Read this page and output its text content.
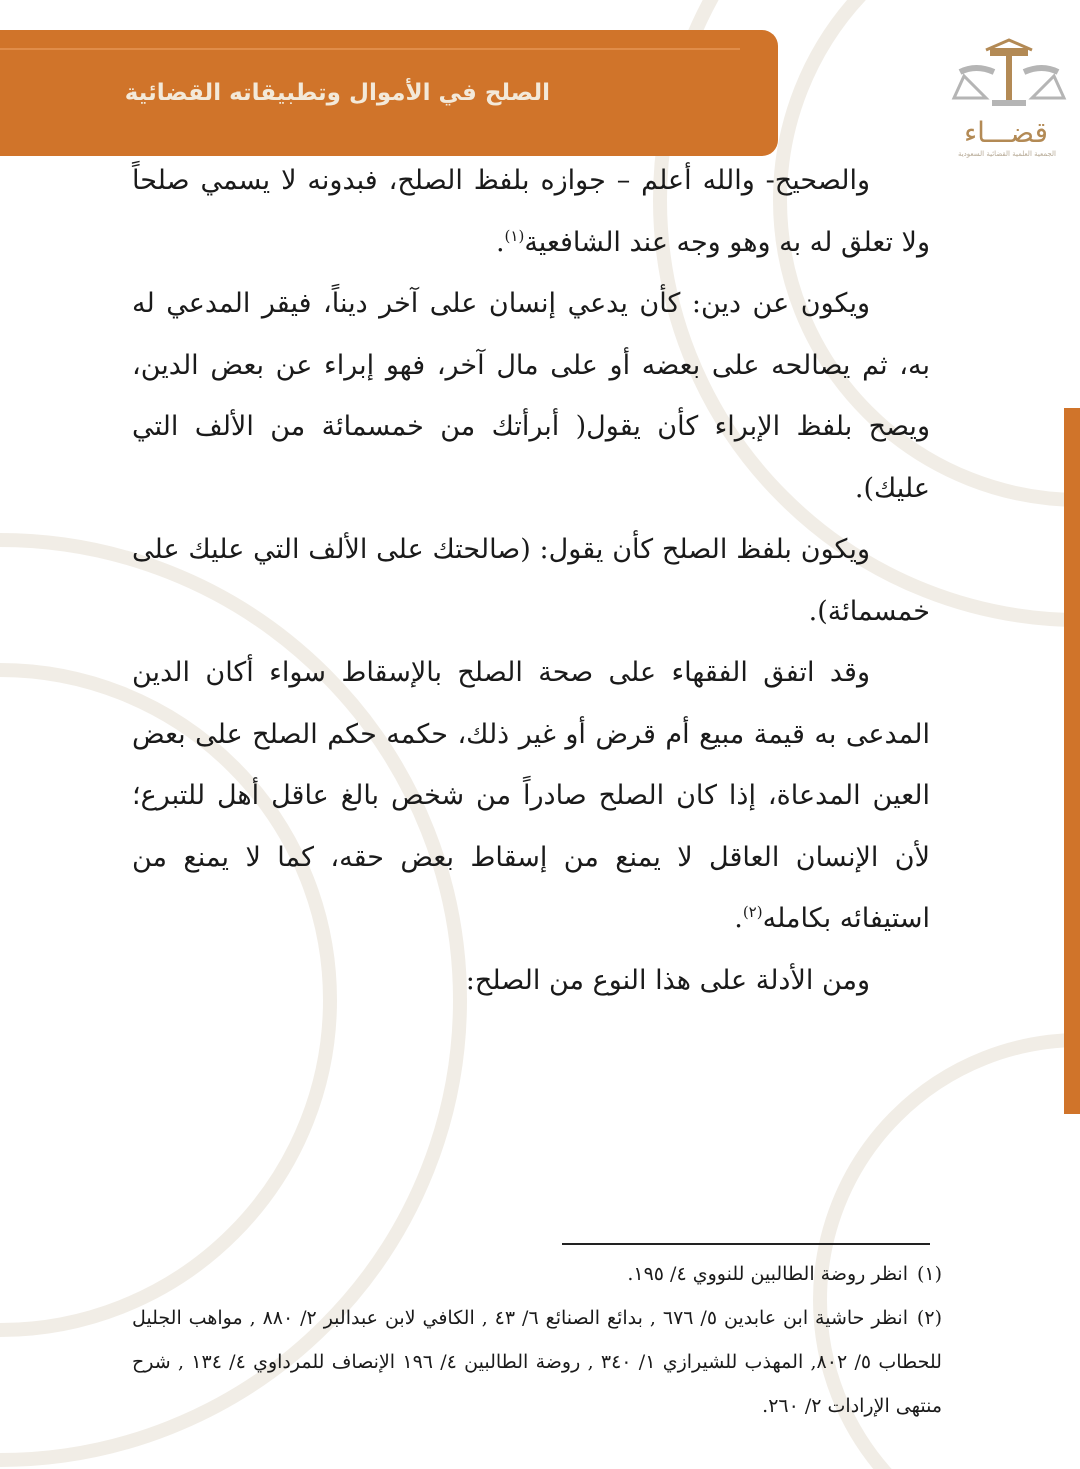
الصلح في الأموال وتطبيقاته القضائية
قضـــاء
الجمعية العلمية القضائية السعودية

والصحيح- والله أعلم – جوازه بلفظ الصلح، فبدونه لا يسمي صلحاً ولا تعلق له به وهو وجه عند الشافعية$^{(١)}$.

ويكون عن دين: كأن يدعي إنسان على آخر ديناً، فيقر المدعي له به، ثم يصالحه على بعضه أو على مال آخر، فهو إبراء عن بعض الدين، ويصح بلفظ الإبراء كأن يقول( أبرأتك من خمسمائة من الألف التي عليك).

ويكون بلفظ الصلح كأن يقول: (صالحتك على الألف التي عليك على خمسمائة).

وقد اتفق الفقهاء على صحة الصلح بالإسقاط سواء أكان الدين المدعى به قيمة مبيع أم قرض أو غير ذلك، حكمه حكم الصلح على بعض العين المدعاة، إذا كان الصلح صادراً من شخص بالغ عاقل أهل للتبرع؛ لأن الإنسان العاقل لا يمنع من إسقاط بعض حقه، كما لا يمنع من استيفائه بكامله$^{(٢)}$.

ومن الأدلة على هذا النوع من الصلح:

(١)انظر روضة الطالبين للنووي ٤/ ١٩٥.

(٢)انظر حاشية ابن عابدين ٥/ ٦٧٦ , بدائع الصنائع ٦/ ٤٣ , الكافي لابن عبدالبر ٢/ ٨٨٠ , مواهب الجليل للحطاب ٥/ ٨٠٢, المهذب للشيرازي ١/ ٣٤٠ , روضة الطالبين ٤/ ١٩٦ الإنصاف للمرداوي ٤/ ١٣٤ , شرح منتهى الإرادات ٢/ ٢٦٠.
